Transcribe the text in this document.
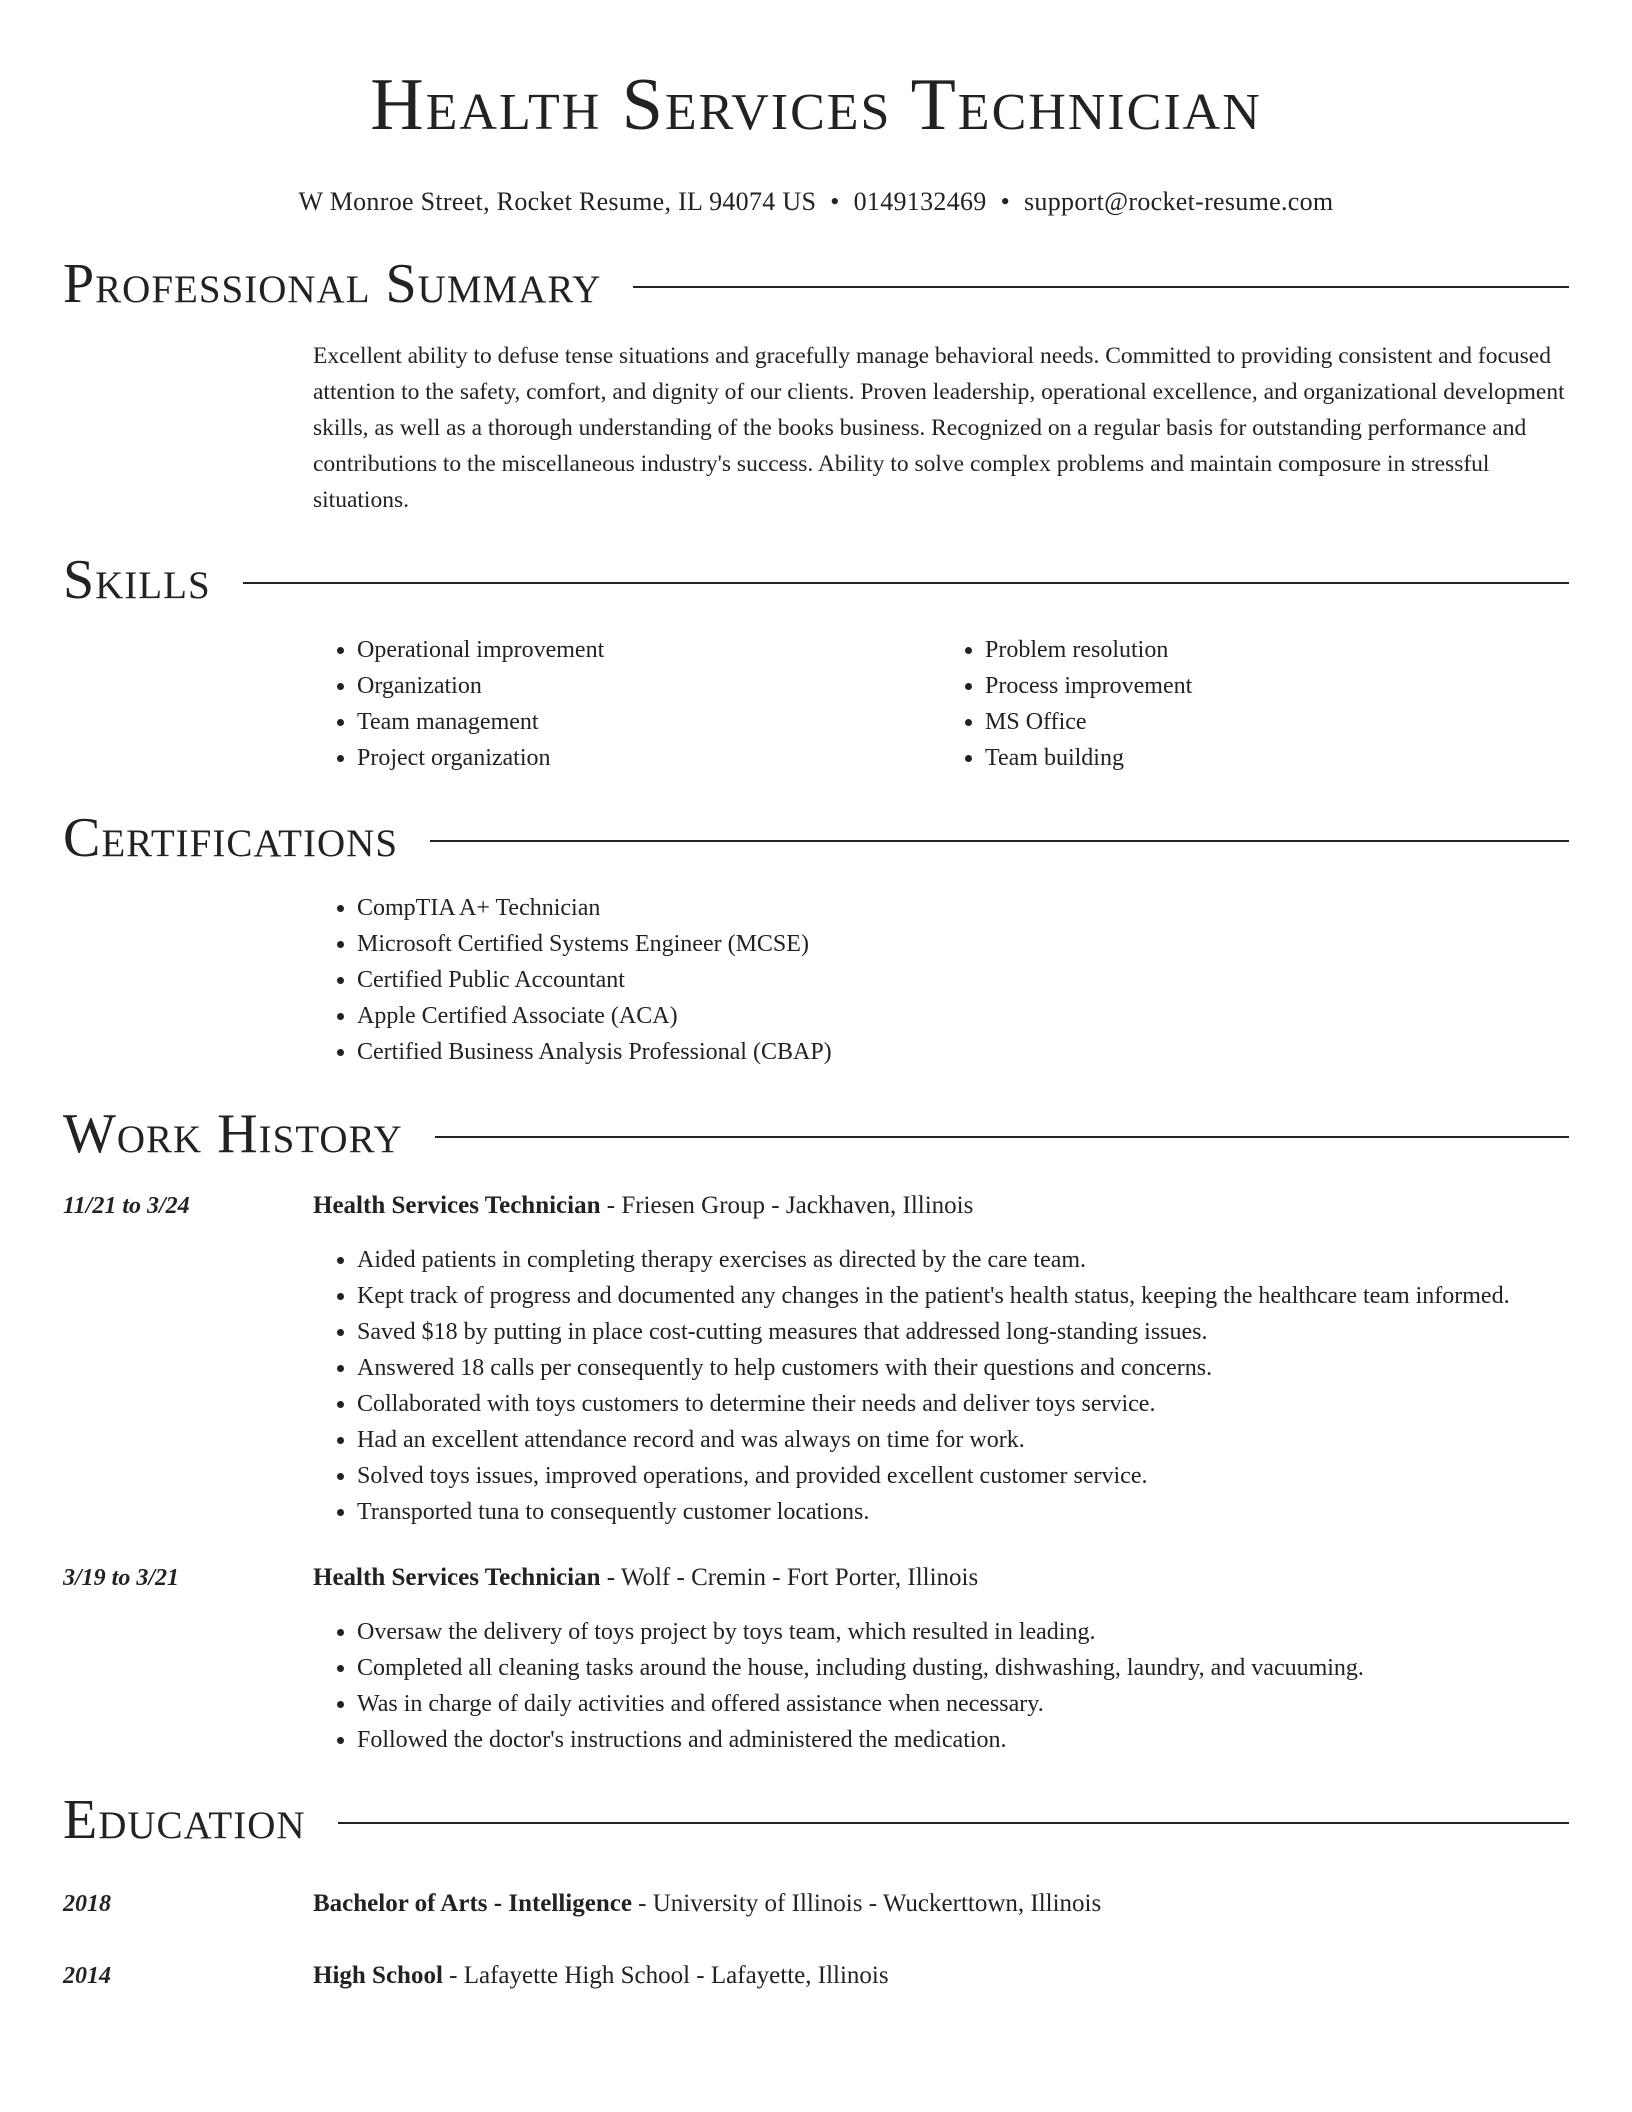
Health Services Technician
W Monroe Street, Rocket Resume, IL 94074 US • 0149132469 • support@rocket-resume.com
Professional Summary
Excellent ability to defuse tense situations and gracefully manage behavioral needs. Committed to providing consistent and focused attention to the safety, comfort, and dignity of our clients. Proven leadership, operational excellence, and organizational development skills, as well as a thorough understanding of the books business. Recognized on a regular basis for outstanding performance and contributions to the miscellaneous industry's success. Ability to solve complex problems and maintain composure in stressful situations.
Skills
• Operational improvement
• Organization
• Team management
• Project organization
• Problem resolution
• Process improvement
• MS Office
• Team building
Certifications
• CompTIA A+ Technician
• Microsoft Certified Systems Engineer (MCSE)
• Certified Public Accountant
• Apple Certified Associate (ACA)
• Certified Business Analysis Professional (CBAP)
Work History
11/21 to 3/24	Health Services Technician - Friesen Group - Jackhaven, Illinois
• Aided patients in completing therapy exercises as directed by the care team.
• Kept track of progress and documented any changes in the patient's health status, keeping the healthcare team informed.
• Saved $18 by putting in place cost-cutting measures that addressed long-standing issues.
• Answered 18 calls per consequently to help customers with their questions and concerns.
• Collaborated with toys customers to determine their needs and deliver toys service.
• Had an excellent attendance record and was always on time for work.
• Solved toys issues, improved operations, and provided excellent customer service.
• Transported tuna to consequently customer locations.
3/19 to 3/21	Health Services Technician - Wolf - Cremin - Fort Porter, Illinois
• Oversaw the delivery of toys project by toys team, which resulted in leading.
• Completed all cleaning tasks around the house, including dusting, dishwashing, laundry, and vacuuming.
• Was in charge of daily activities and offered assistance when necessary.
• Followed the doctor's instructions and administered the medication.
Education
2018	Bachelor of Arts - Intelligence - University of Illinois - Wuckerttown, Illinois
2014	High School - Lafayette High School - Lafayette, Illinois
